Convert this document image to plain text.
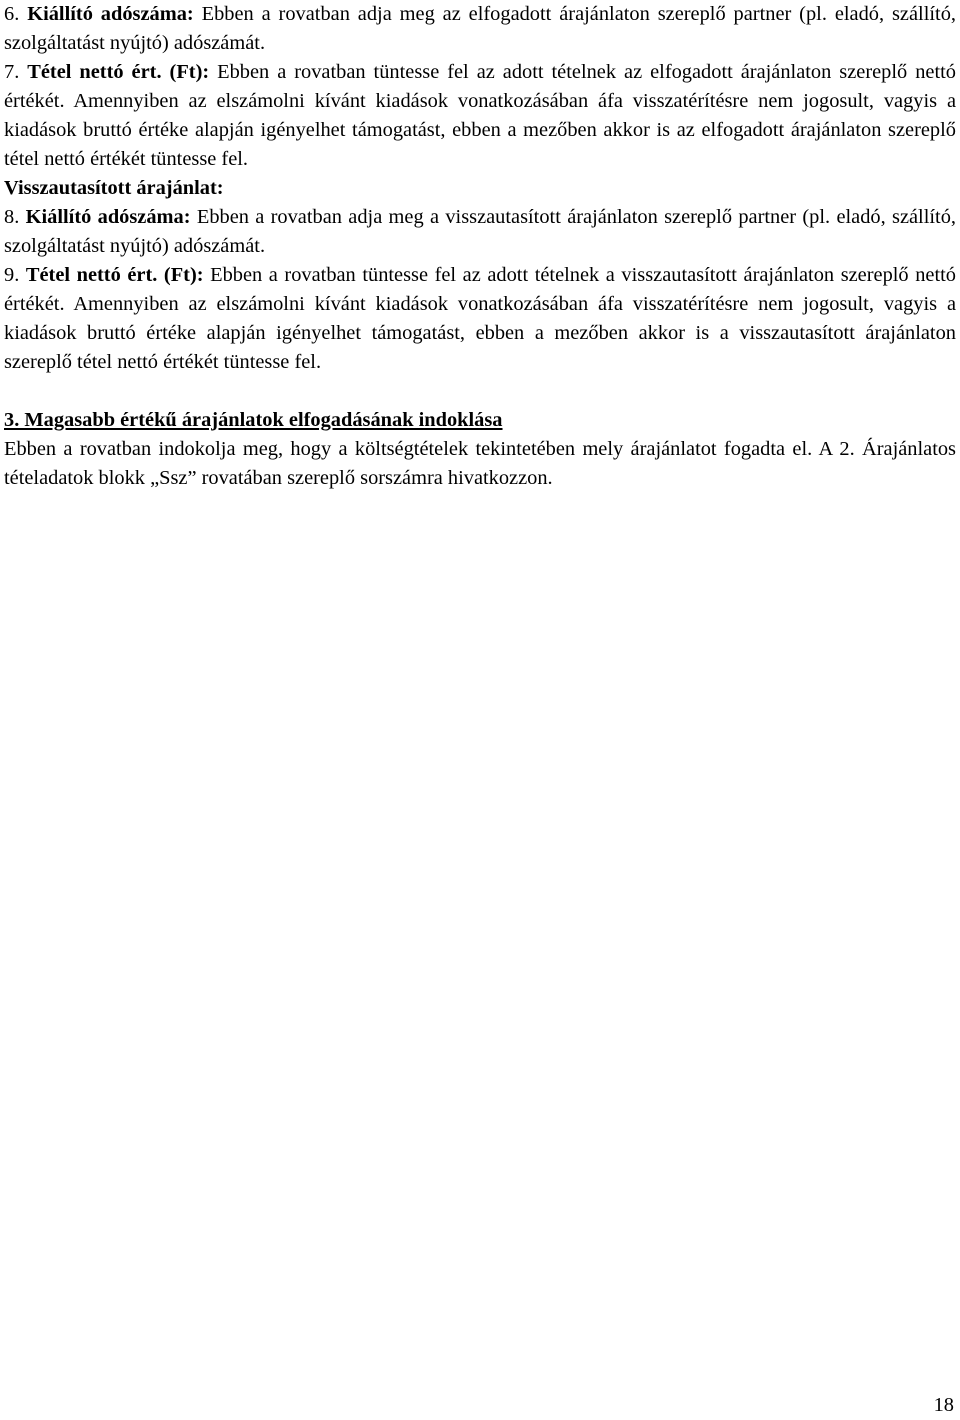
6. Kiállító adószáma: Ebben a rovatban adja meg az elfogadott árajánlaton szereplő partner (pl. eladó, szállító, szolgáltatást nyújtó) adószámát.

7. Tétel nettó ért. (Ft): Ebben a rovatban tüntesse fel az adott tételnek az elfogadott árajánlaton szereplő nettó értékét. Amennyiben az elszámolni kívánt kiadások vonatkozásában áfa visszatérítésre nem jogosult, vagyis a kiadások bruttó értéke alapján igényelhet támogatást, ebben a mezőben akkor is az elfogadott árajánlaton szereplő tétel nettó értékét tüntesse fel.

Visszautasított árajánlat:

8. Kiállító adószáma: Ebben a rovatban adja meg a visszautasított árajánlaton szereplő partner (pl. eladó, szállító, szolgáltatást nyújtó) adószámát.

9. Tétel nettó ért. (Ft): Ebben a rovatban tüntesse fel az adott tételnek a visszautasított árajánlaton szereplő nettó értékét. Amennyiben az elszámolni kívánt kiadások vonatkozásában áfa visszatérítésre nem jogosult, vagyis a kiadások bruttó értéke alapján igényelhet támogatást, ebben a mezőben akkor is a visszautasított árajánlaton szereplő tétel nettó értékét tüntesse fel.

3. Magasabb értékű árajánlatok elfogadásának indoklása

Ebben a rovatban indokolja meg, hogy a költségtételek tekintetében mely árajánlatot fogadta el. A 2. Árajánlatos tételadatok blokk „Ssz” rovatában szereplő sorszámra hivatkozzon.

18
